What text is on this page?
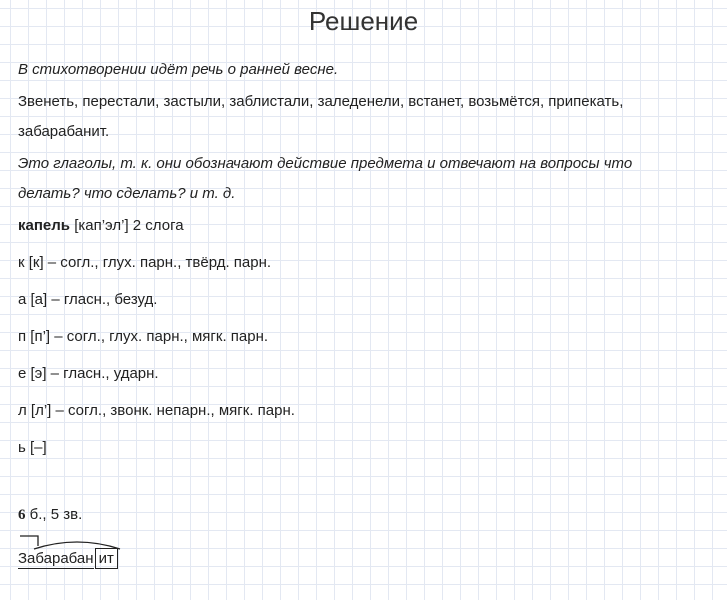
Решение
В стихотворении идёт речь о ранней весне.
Звенеть, перестали, застыли, заблистали, заледенели, встанет, возьмётся, припекать,
забарабанит.
Это глаголы, т. к. они обозначают действие предмета и отвечают на вопросы что
делать? что сделать? и т. д.
капель [кап’эл’] 2 слога
к [к] – согл., глух. парн., твёрд. парн.
а [а] – гласн., безуд.
п [п’] – согл., глух. парн., мягк. парн.
е [э] – гласн., ударн.
л [л’] – согл., звонк. непарн., мягк. парн.
ь [–]
6 б., 5 зв.
Забарабан ит
